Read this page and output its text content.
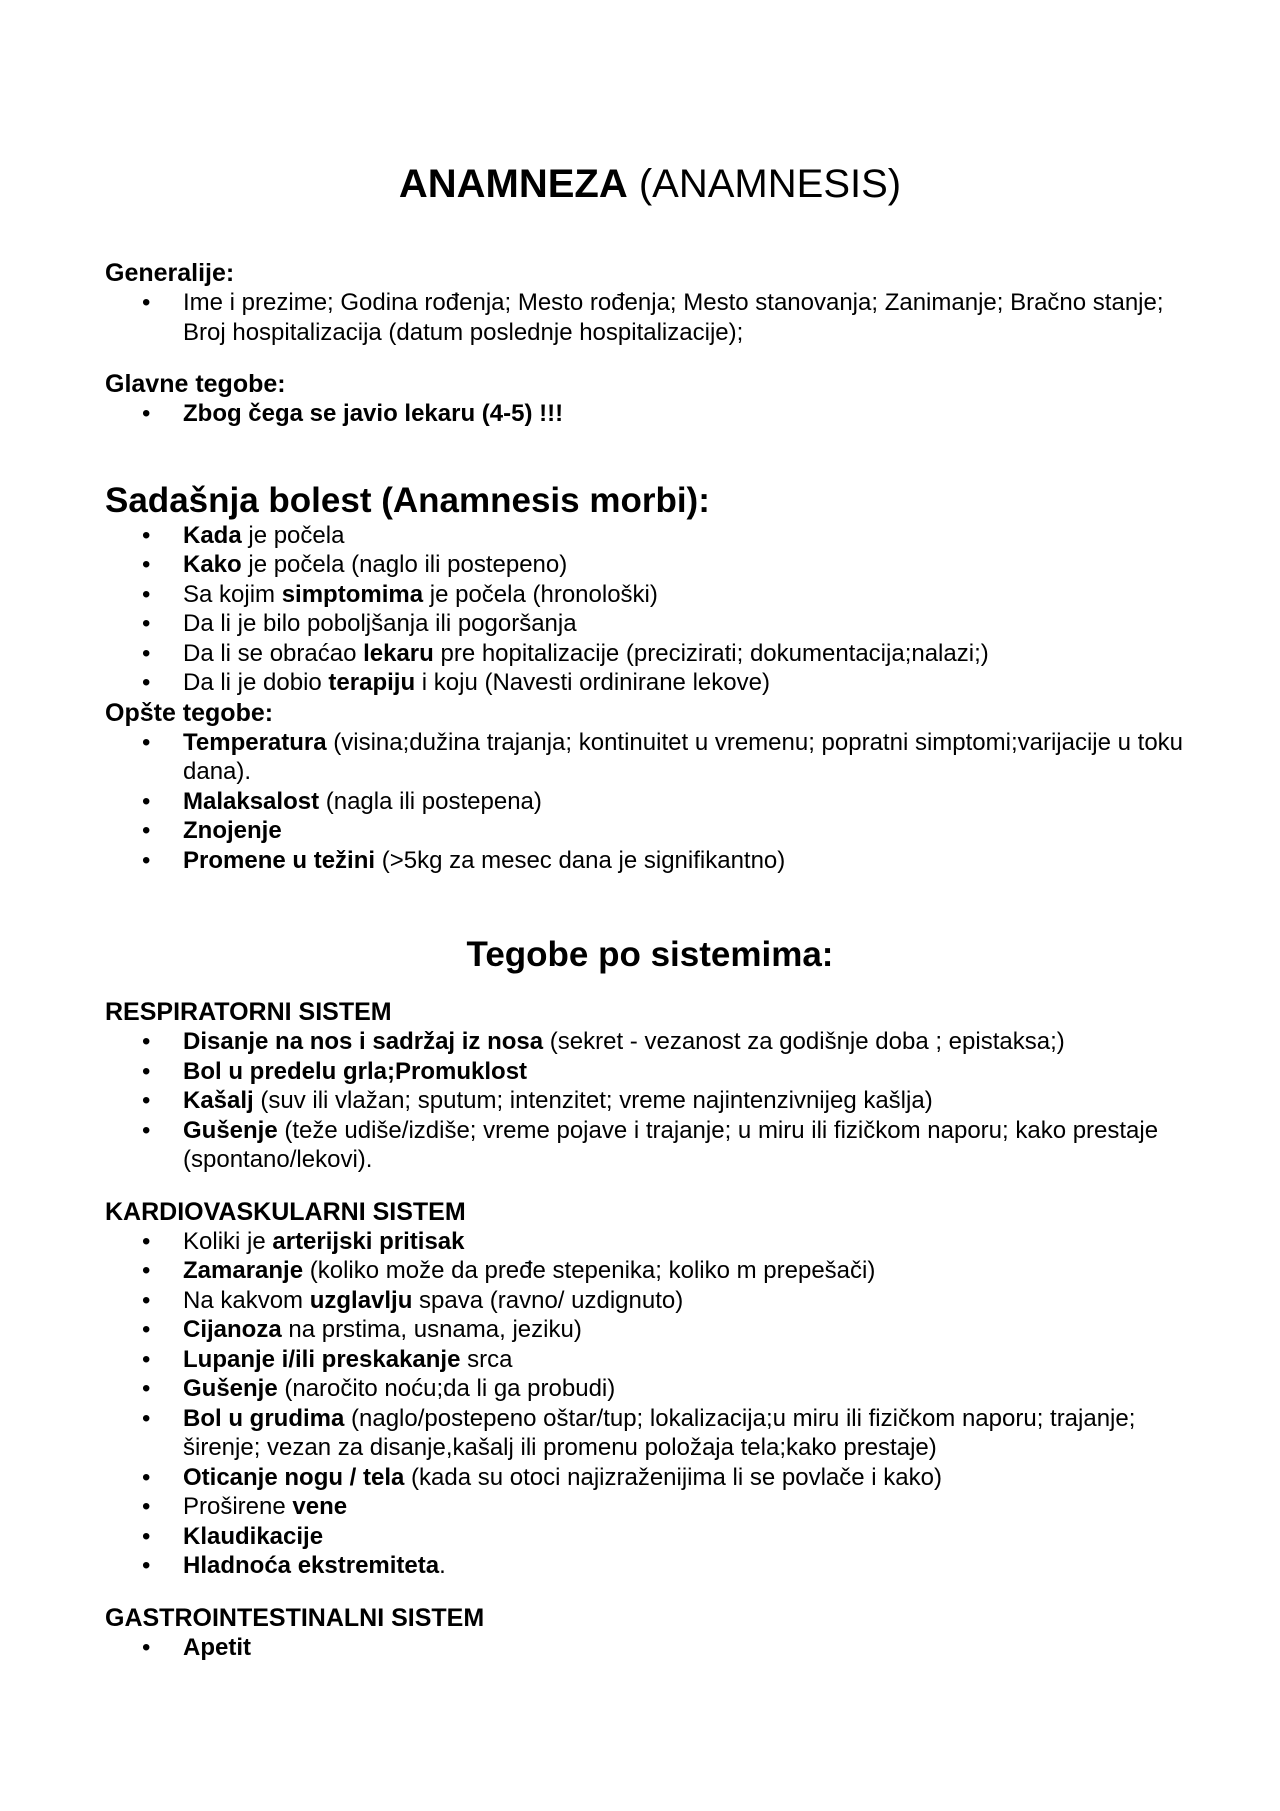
ANAMNEZA (ANAMNESIS)
Generalije:
• Ime i prezime; Godina rođenja; Mesto rođenja; Mesto stanovanja; Zanimanje; Bračno stanje; Broj hospitalizacija (datum poslednje hospitalizacije);
Glavne tegobe:
• Zbog čega se javio lekaru (4-5) !!!
Sadašnja bolest (Anamnesis morbi):
• Kada je počela
• Kako je počela (naglo ili postepeno)
• Sa kojim simptomima je počela (hronološki)
• Da li je bilo poboljšanja ili pogoršanja
• Da li se obraćao lekaru pre hopitalizacije (precizirati; dokumentacija;nalazi;)
• Da li je dobio terapiju i koju (Navesti ordinirane lekove)
Opšte tegobe:
• Temperatura (visina;dužina trajanja; kontinuitet u vremenu; popratni simptomi;varijacije u toku dana).
• Malaksalost (nagla ili postepena)
• Znojenje
• Promene u težini (>5kg za mesec dana je signifikantno)
Tegobe po sistemima:
RESPIRATORNI SISTEM
• Disanje na nos i sadržaj iz nosa (sekret - vezanost za godišnje doba ; epistaksa;)
• Bol u predelu grla;Promuklost
• Kašalj (suv ili vlažan; sputum; intenzitet; vreme najintenzivnijeg kašlja)
• Gušenje (teže udiše/izdiše; vreme pojave i trajanje; u miru ili fizičkom naporu; kako prestaje (spontano/lekovi).
KARDIOVASKULARNI SISTEM
• Koliki je arterijski pritisak
• Zamaranje (koliko može da pređe stepenika; koliko m prepešači)
• Na kakvom uzglavlju spava (ravno/ uzdignuto)
• Cijanoza na prstima, usnama, jeziku)
• Lupanje i/ili preskakanje srca
• Gušenje (naročito noću;da li ga probudi)
• Bol u grudima (naglo/postepeno oštar/tup; lokalizacija;u miru ili fizičkom naporu; trajanje; širenje; vezan za disanje,kašalj ili promenu položaja tela;kako prestaje)
• Oticanje nogu / tela (kada su otoci najizraženijima li se povlače i kako)
• Proširene vene
• Klaudikacije
• Hladnoća ekstremiteta.
GASTROINTESTINALNI SISTEM
• Apetit
